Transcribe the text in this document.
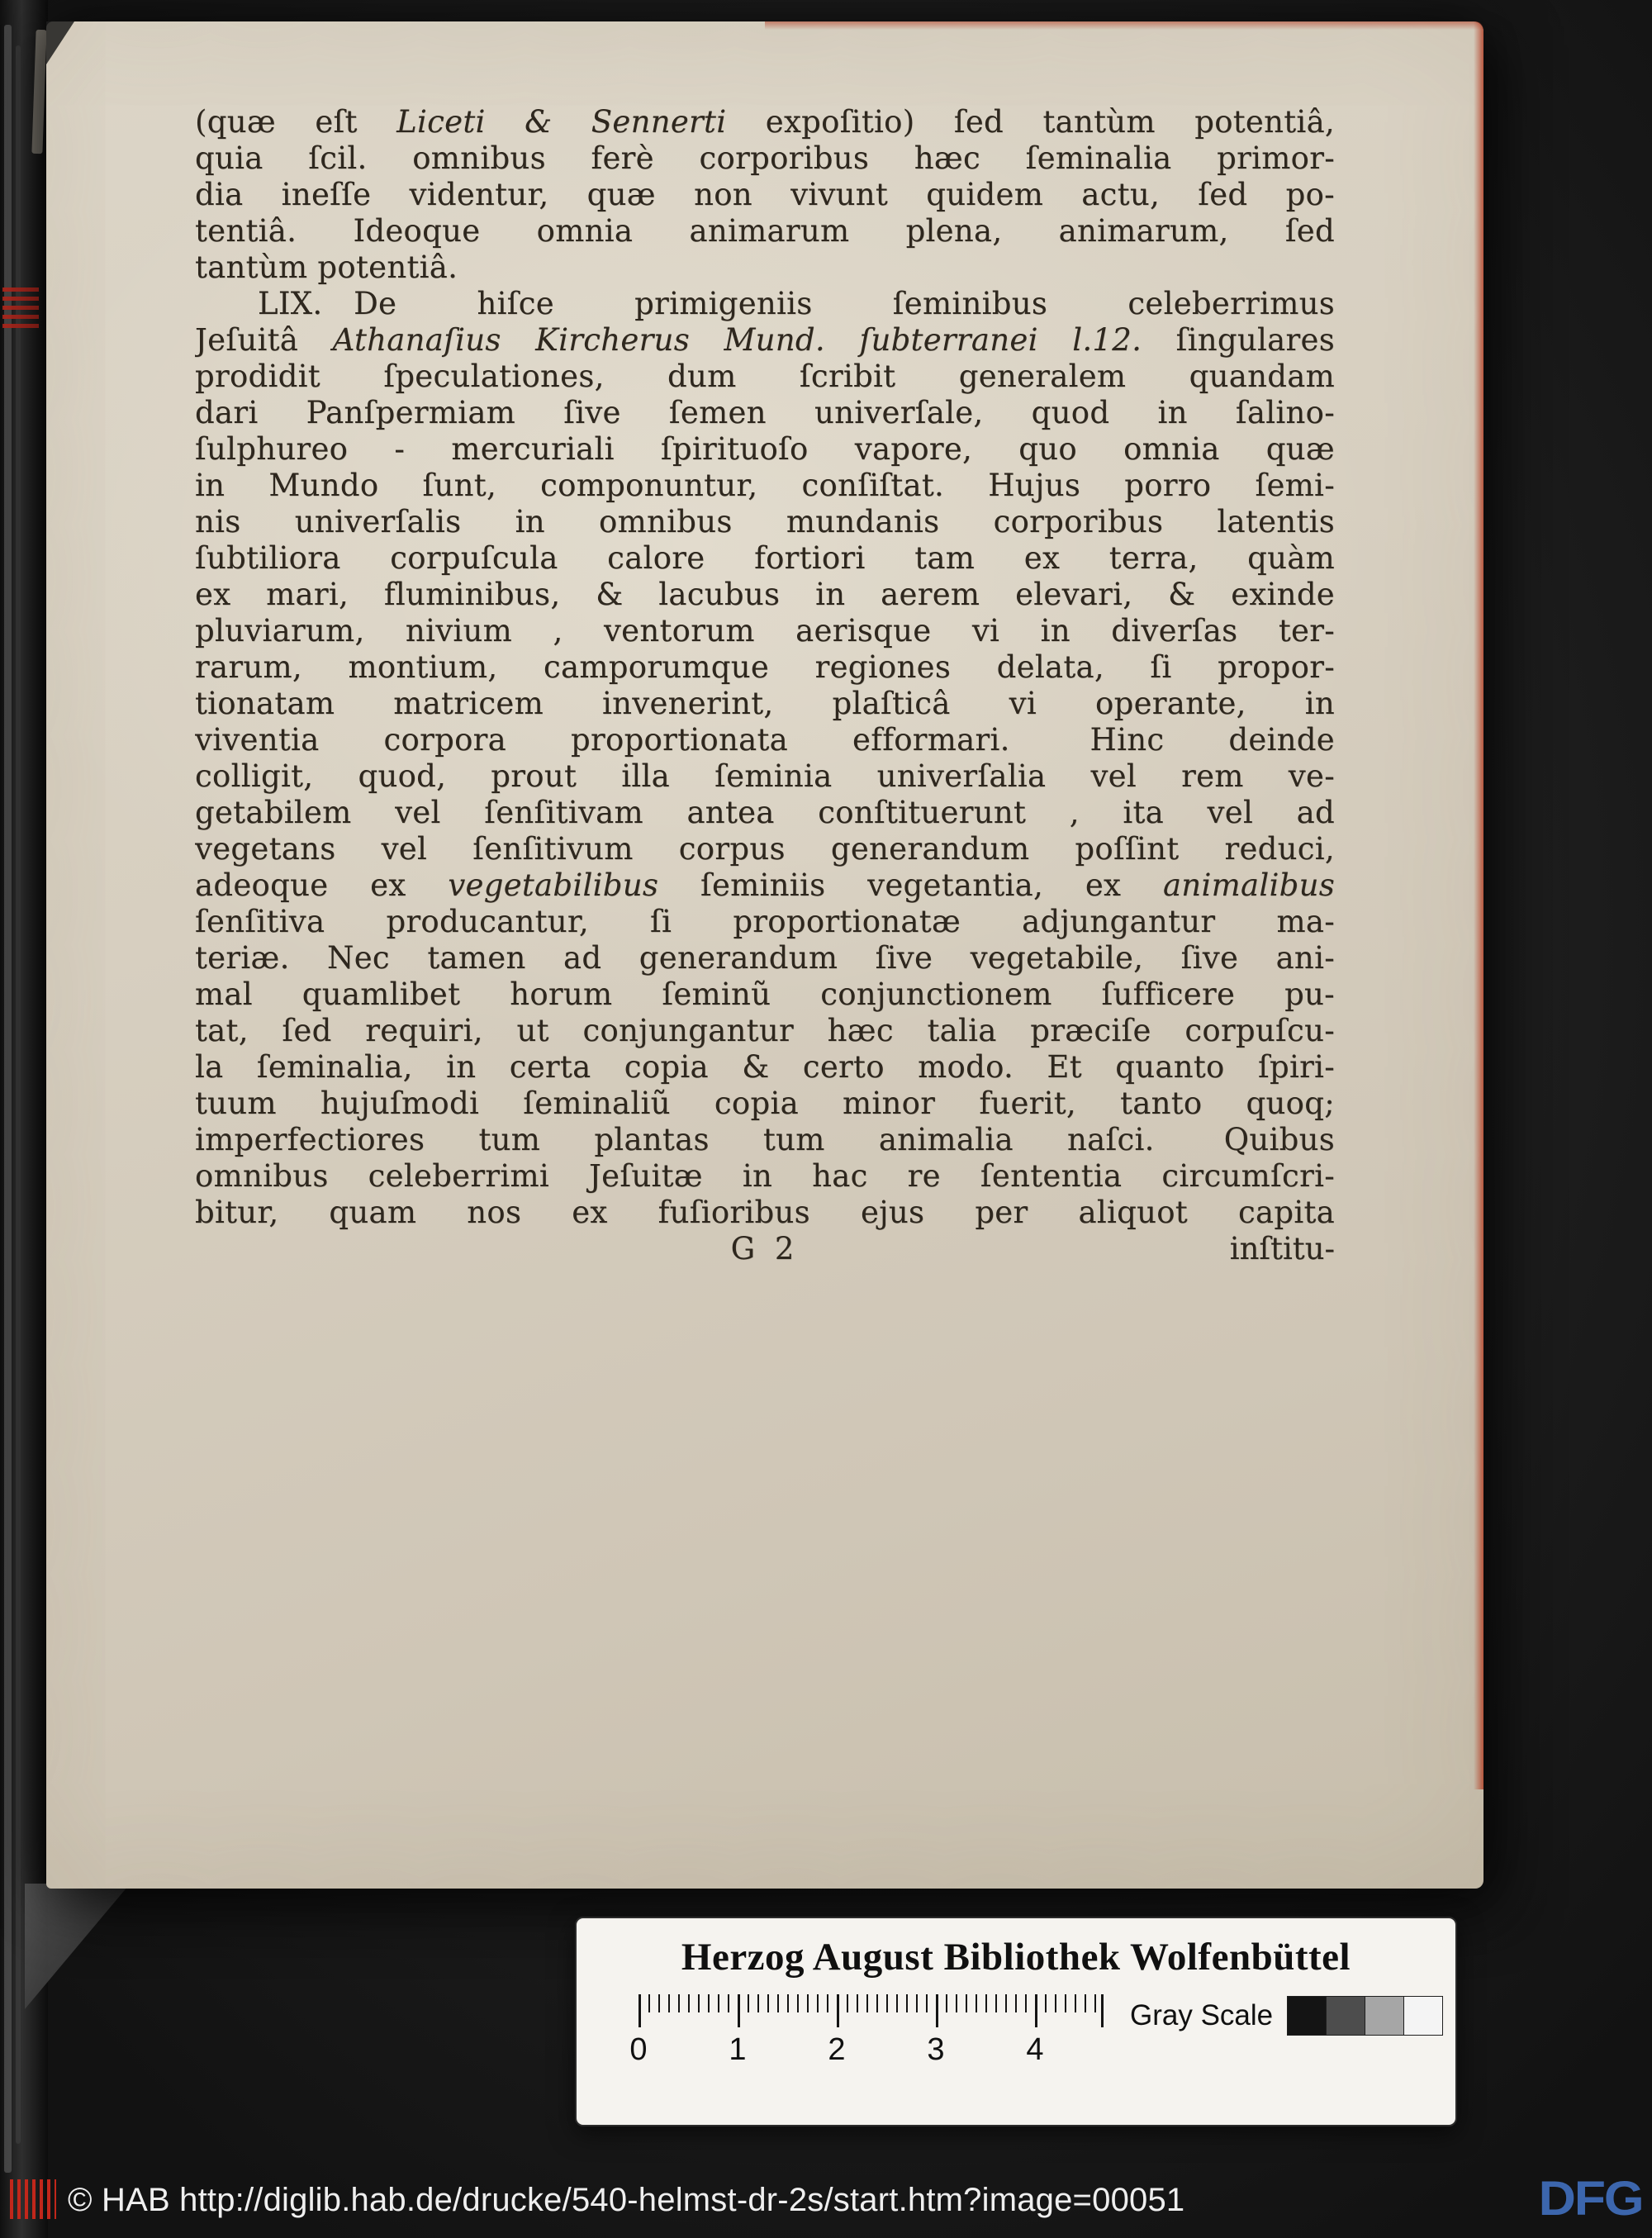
(quæ eſt Liceti & Sennerti expoſitio) ſed tantùm potentiâ,
quia ſcil. omnibus ferè corporibus hæc ſeminalia primor-
dia ineſſe videntur, quæ non vivunt quidem actu, ſed po-
tentiâ. Ideoque omnia animarum plena, animarum, ſed
tantùm potentiâ.
LIX.  De hiſce primigeniis ſeminibus celeberrimus
Jeſuitâ Athanaſius Kircherus Mund. ſubterranei l.12. ſingulares
prodidit ſpeculationes, dum ſcribit generalem quandam
dari Panſpermiam ſive ſemen univerſale, quod in ſalino-
ſulphureo - mercuriali ſpirituoſo vapore, quo omnia quæ
in Mundo ſunt, componuntur, conſiſtat. Hujus porro ſemi-
nis univerſalis in omnibus mundanis corporibus latentis
ſubtiliora corpuſcula calore fortiori tam ex terra, quàm
ex mari, fluminibus, & lacubus in aerem elevari, & exinde
pluviarum, nivium , ventorum aerisque vi in diverſas ter-
rarum, montium, camporumque regiones delata, ſi propor-
tionatam matricem invenerint, plaſticâ vi operante, in
viventia corpora proportionata efformari.  Hinc deinde
colligit, quod, prout illa ſeminia univerſalia vel rem ve-
getabilem vel ſenſitivam antea conſtituerunt , ita vel ad
vegetans vel ſenſitivum corpus generandum poſſint reduci,
adeoque ex vegetabilibus ſeminiis vegetantia, ex animalibus
ſenſitiva producantur, ſi proportionatæ adjungantur ma-
teriæ. Nec tamen ad generandum ſive vegetabile, ſive ani-
mal quamlibet horum ſeminũ conjunctionem ſufficere pu-
tat, ſed requiri, ut conjungantur hæc talia præciſe corpuſcu-
la ſeminalia, in certa copia & certo modo. Et quanto ſpiri-
tuum hujuſmodi ſeminaliũ copia minor fuerit, tanto quoq;
imperfectiores tum plantas tum animalia naſci.  Quibus
omnibus celeberrimi Jeſuitæ in hac re ſententia circumſcri-
bitur, quam nos ex fuſioribus ejus per aliquot capita
G 2	inſtitu-
Herzog August Bibliothek Wolfenbüttel
0	1	2	3	4
Gray Scale
© HAB http://diglib.hab.de/drucke/540-helmst-dr-2s/start.htm?image=00051	DFG
